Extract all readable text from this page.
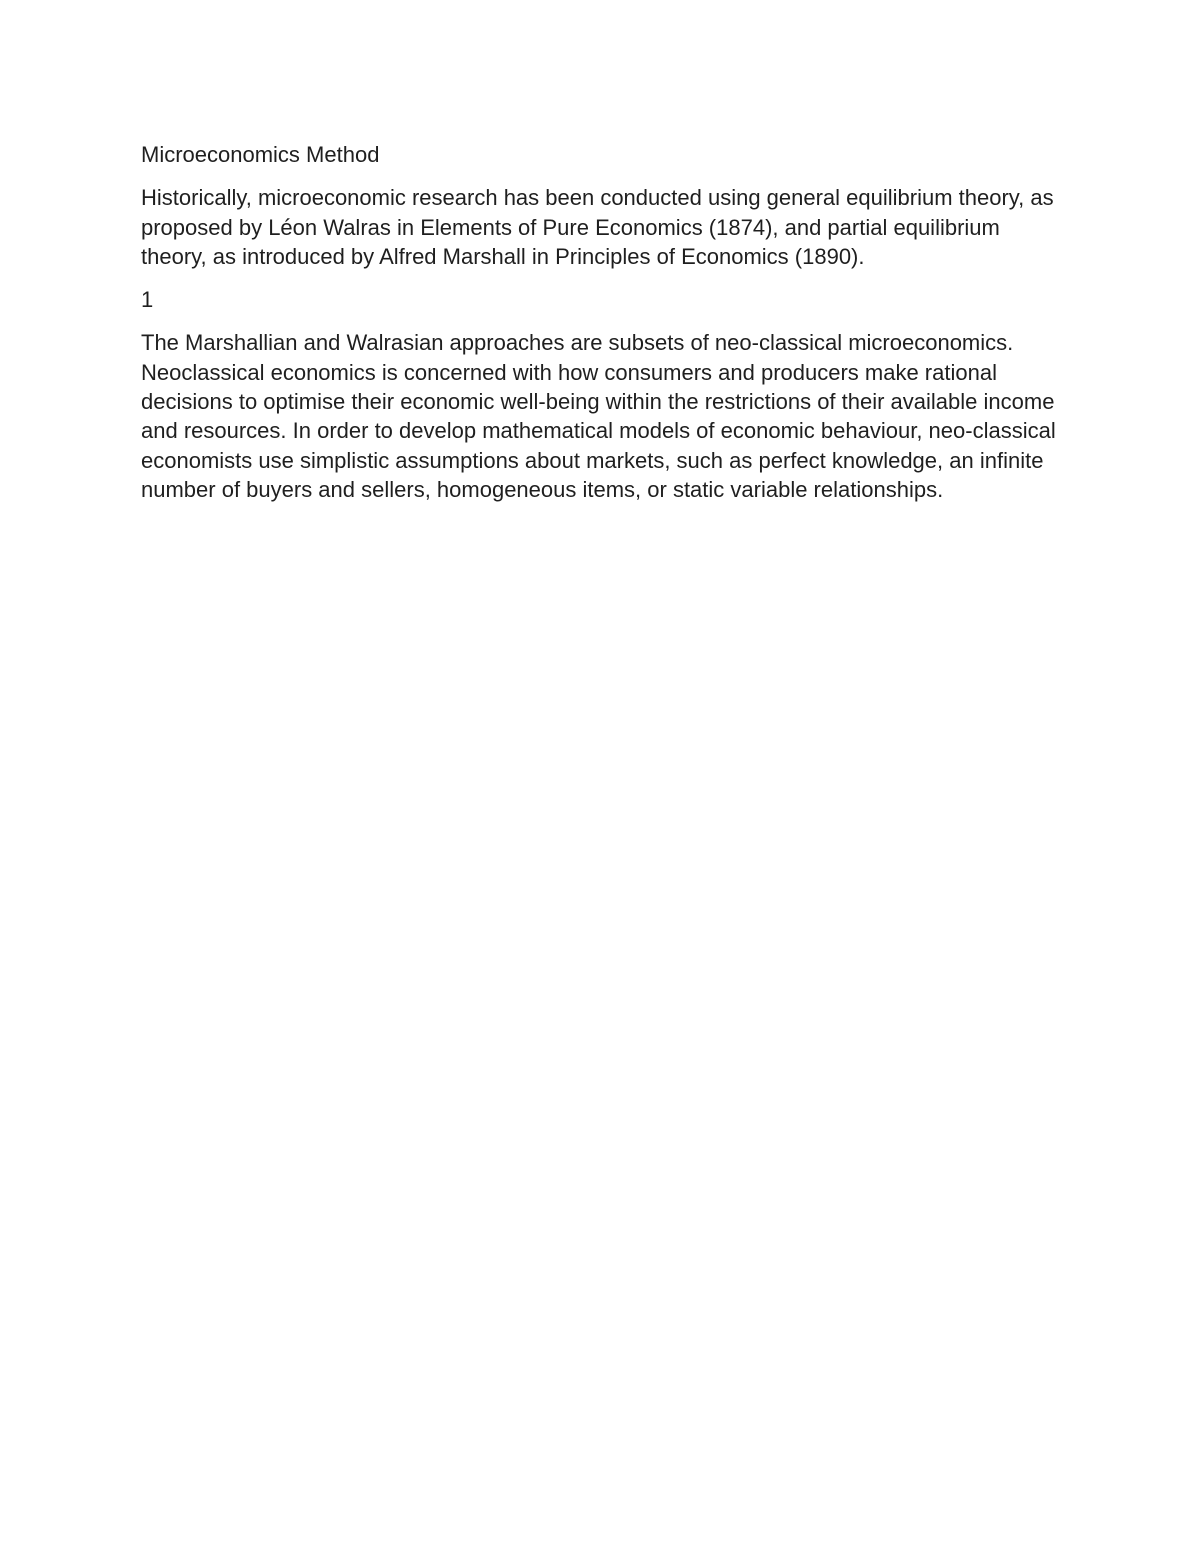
Microeconomics Method

Historically, microeconomic research has been conducted using general equilibrium theory, as proposed by Léon Walras in Elements of Pure Economics (1874), and partial equilibrium theory, as introduced by Alfred Marshall in Principles of Economics (1890).

1

The Marshallian and Walrasian approaches are subsets of neo-classical microeconomics. Neoclassical economics is concerned with how consumers and producers make rational decisions to optimise their economic well-being within the restrictions of their available income and resources. In order to develop mathematical models of economic behaviour, neo-classical economists use simplistic assumptions about markets, such as perfect knowledge, an infinite number of buyers and sellers, homogeneous items, or static variable relationships.
